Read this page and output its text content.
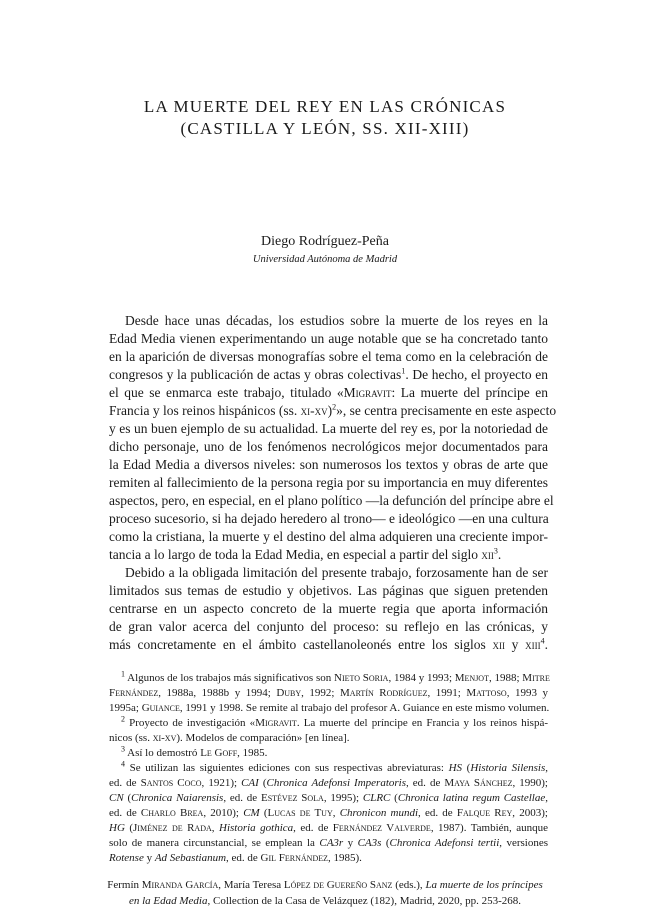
LA MUERTE DEL REY EN LAS CRÓNICAS
(CASTILLA Y LEÓN, SS. XII-XIII)
Diego Rodríguez-Peña
Universidad Autónoma de Madrid
Desde hace unas décadas, los estudios sobre la muerte de los reyes en la
Edad Media vienen experimentando un auge notable que se ha concretado tanto
en la aparición de diversas monografías sobre el tema como en la celebración de
congresos y la publicación de actas y obras colectivas$^1$. De hecho, el proyecto en
el que se enmarca este trabajo, titulado «Migravit: La muerte del príncipe en
Francia y los reinos hispánicos (ss. xi-xv)$^2$», se centra precisamente en este aspecto
y es un buen ejemplo de su actualidad. La muerte del rey es, por la notoriedad de
dicho personaje, uno de los fenómenos necrológicos mejor documentados para
la Edad Media a diversos niveles: son numerosos los textos y obras de arte que
remiten al fallecimiento de la persona regia por su importancia en muy diferentes
aspectos, pero, en especial, en el plano político —la defunción del príncipe abre el
proceso sucesorio, si ha dejado heredero al trono— e ideológico —en una cultura
como la cristiana, la muerte y el destino del alma adquieren una creciente impor-
tancia a lo largo de toda la Edad Media, en especial a partir del siglo xii$^3$.
Debido a la obligada limitación del presente trabajo, forzosamente han de ser
limitados sus temas de estudio y objetivos. Las páginas que siguen pretenden
centrarse en un aspecto concreto de la muerte regia que aporta información
de gran valor acerca del conjunto del proceso: su reflejo en las crónicas, y
más concretamente en el ámbito castellanoleonés entre los siglos xii y xiii$^4$.
$^1$ Algunos de los trabajos más significativos son Nieto Soria, 1984 y 1993; Menjot, 1988; Mitre
Fernández, 1988a, 1988b y 1994; Duby, 1992; Martín Rodríguez, 1991; Mattoso, 1993 y
1995a; Guiance, 1991 y 1998. Se remite al trabajo del profesor A. Guiance en este mismo volumen.
$^2$ Proyecto de investigación «Migravit. La muerte del príncipe en Francia y los reinos hispá-
nicos (ss. xi-xv). Modelos de comparación» [en línea].
$^3$ Así lo demostró Le Goff, 1985.
$^4$ Se utilizan las siguientes ediciones con sus respectivas abreviaturas: HS (Historia Silensis,
ed. de Santos Coco, 1921); CAI (Chronica Adefonsi Imperatoris, ed. de Maya Sánchez, 1990);
CN (Chronica Naiarensis, ed. de Estévez Sola, 1995); CLRC (Chronica latina regum Castellae,
ed. de Charlo Brea, 2010); CM (Lucas de Tuy, Chronicon mundi, ed. de Falque Rey, 2003);
HG (Jiménez de Rada, Historia gothica, ed. de Fernández Valverde, 1987). También, aunque
solo de manera circunstancial, se emplean la CA3r y CA3s (Chronica Adefonsi tertii, versiones
Rotense y Ad Sebastianum, ed. de Gil Fernández, 1985).
Fermín Miranda García, María Teresa López de Guereño Sanz (eds.), La muerte de los príncipes
en la Edad Media, Collection de la Casa de Velázquez (182), Madrid, 2020, pp. 253-268.
